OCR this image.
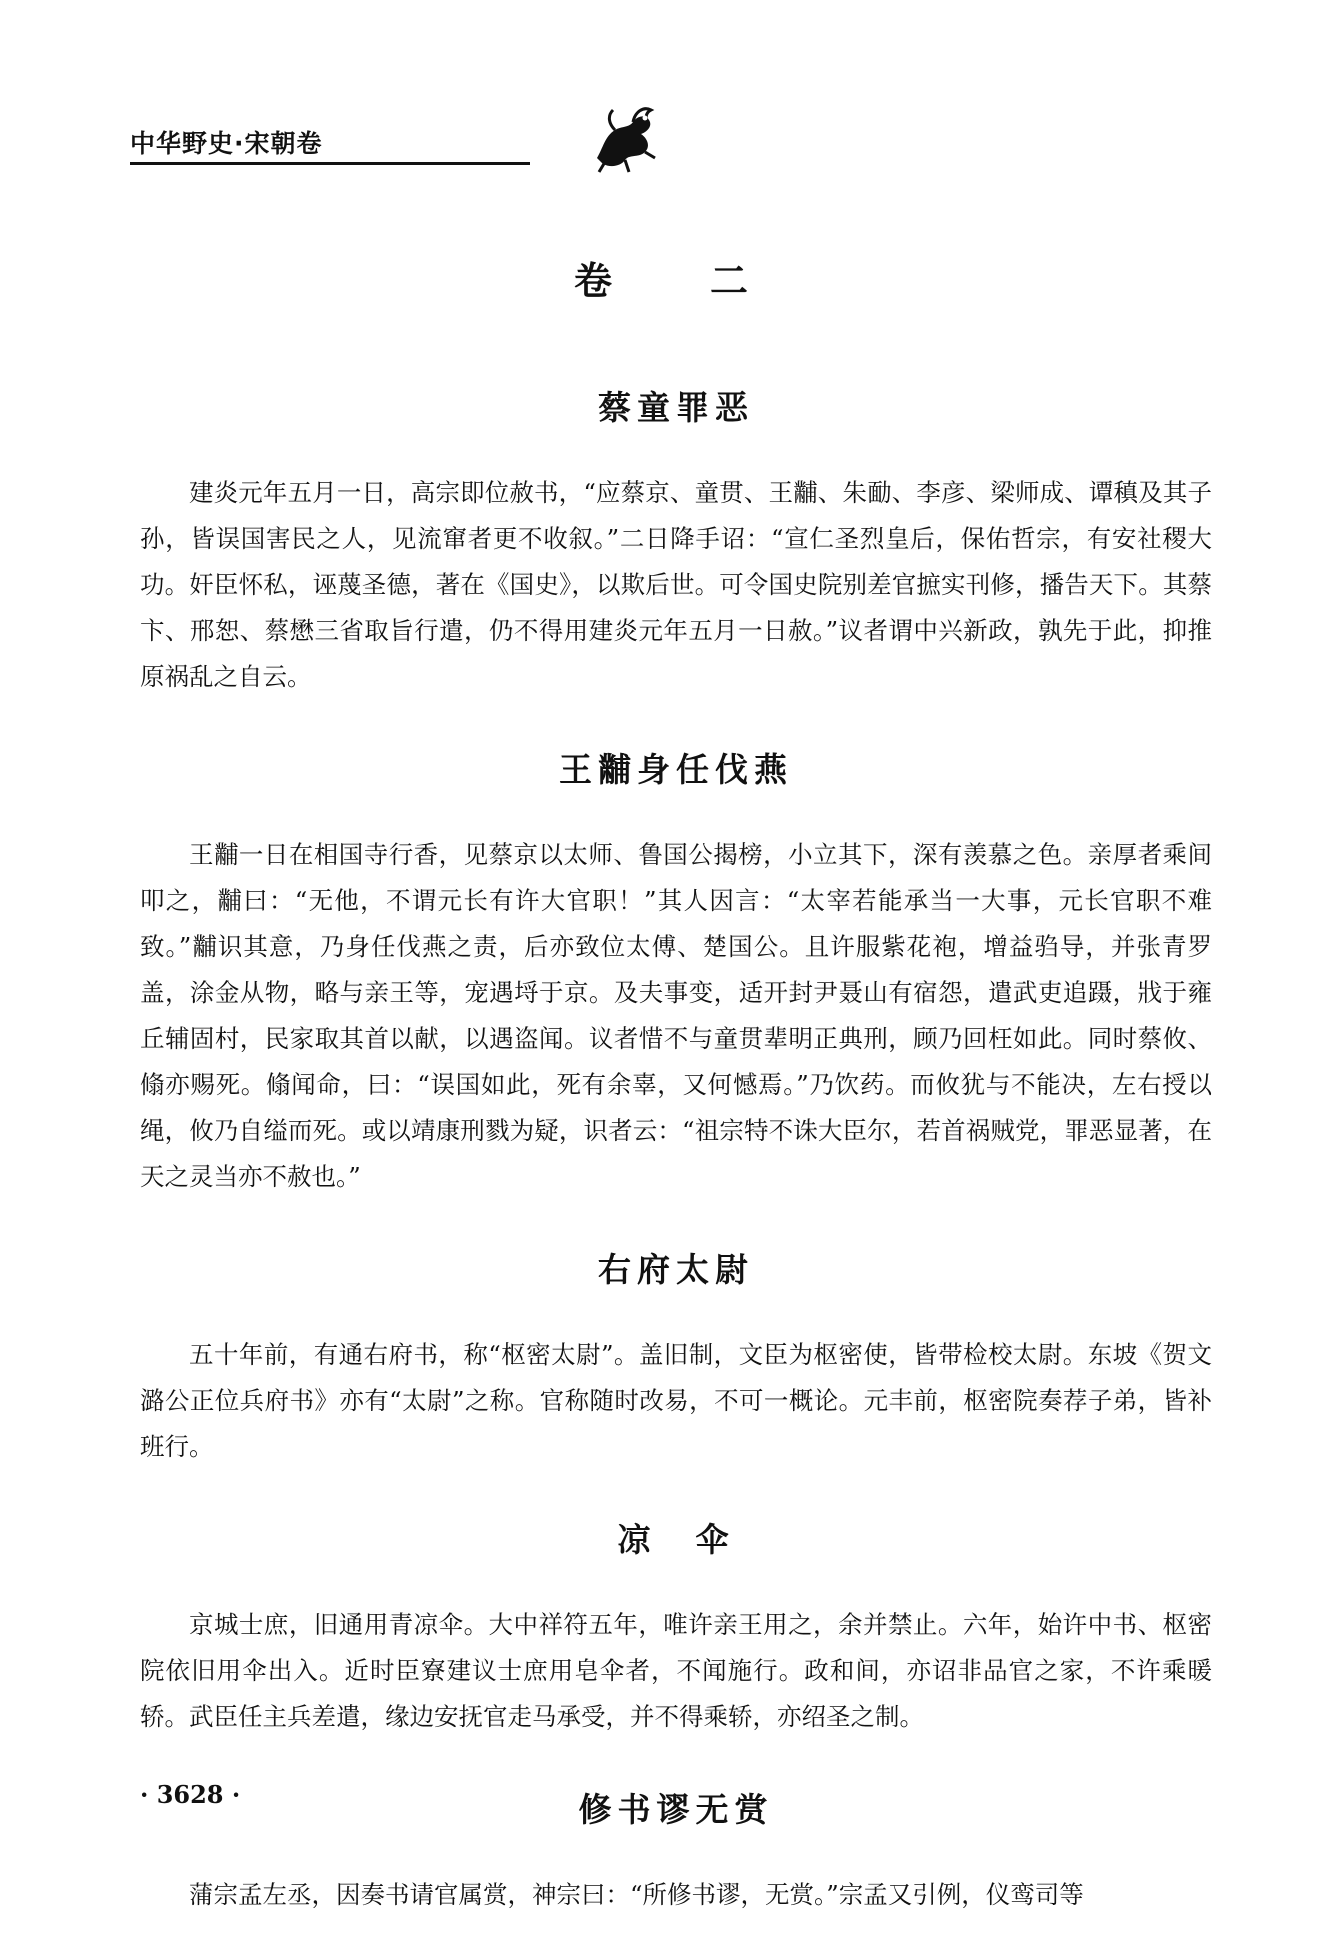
中华野史·宋朝卷
卷　二
蔡童罪恶

建炎元年五月一日，高宗即位赦书，“应蔡京、童贯、王黼、朱勔、李彦、梁师成、谭稹及其子孙，皆误国害民之人，见流窜者更不收叙。”二日降手诏：“宣仁圣烈皇后，保佑哲宗，有安社稷大功。奸臣怀私，诬蔑圣德，著在《国史》，以欺后世。可令国史院别差官摭实刊修，播告天下。其蔡卞、邢恕、蔡懋三省取旨行遣，仍不得用建炎元年五月一日赦。”议者谓中兴新政，孰先于此，抑推原祸乱之自云。

王黼身任伐燕

王黼一日在相国寺行香，见蔡京以太师、鲁国公揭榜，小立其下，深有羡慕之色。亲厚者乘间叩之，黼曰：“无他，不谓元长有许大官职！”其人因言：“太宰若能承当一大事，元长官职不难致。”黼识其意，乃身任伐燕之责，后亦致位太傅、楚国公。且许服紫花袍，增益驺导，并张青罗盖，涂金从物，略与亲王等，宠遇埒于京。及夫事变，适开封尹聂山有宿怨，遣武吏追蹑，戕于雍丘辅固村，民家取其首以献，以遇盗闻。议者惜不与童贯辈明正典刑，顾乃回枉如此。同时蔡攸、翛亦赐死。翛闻命，曰：“误国如此，死有余辜，又何憾焉。”乃饮药。而攸犹与不能决，左右授以绳，攸乃自缢而死。或以靖康刑戮为疑，识者云：“祖宗特不诛大臣尔，若首祸贼党，罪恶显著，在天之灵当亦不赦也。”

右府太尉

五十年前，有通右府书，称“枢密太尉”。盖旧制，文臣为枢密使，皆带检校太尉。东坡《贺文潞公正位兵府书》亦有“太尉”之称。官称随时改易，不可一概论。元丰前，枢密院奏荐子弟，皆补班行。

凉　伞

京城士庶，旧通用青凉伞。大中祥符五年，唯许亲王用之，余并禁止。六年，始许中书、枢密院依旧用伞出入。近时臣寮建议士庶用皂伞者，不闻施行。政和间，亦诏非品官之家，不许乘暖轿。武臣任主兵差遣，缘边安抚官走马承受，并不得乘轿，亦绍圣之制。

修书谬无赏

蒲宗孟左丞，因奏书请官属赏，神宗曰：“所修书谬，无赏。”宗孟又引例，仪鸾司等

· 3628 ·
